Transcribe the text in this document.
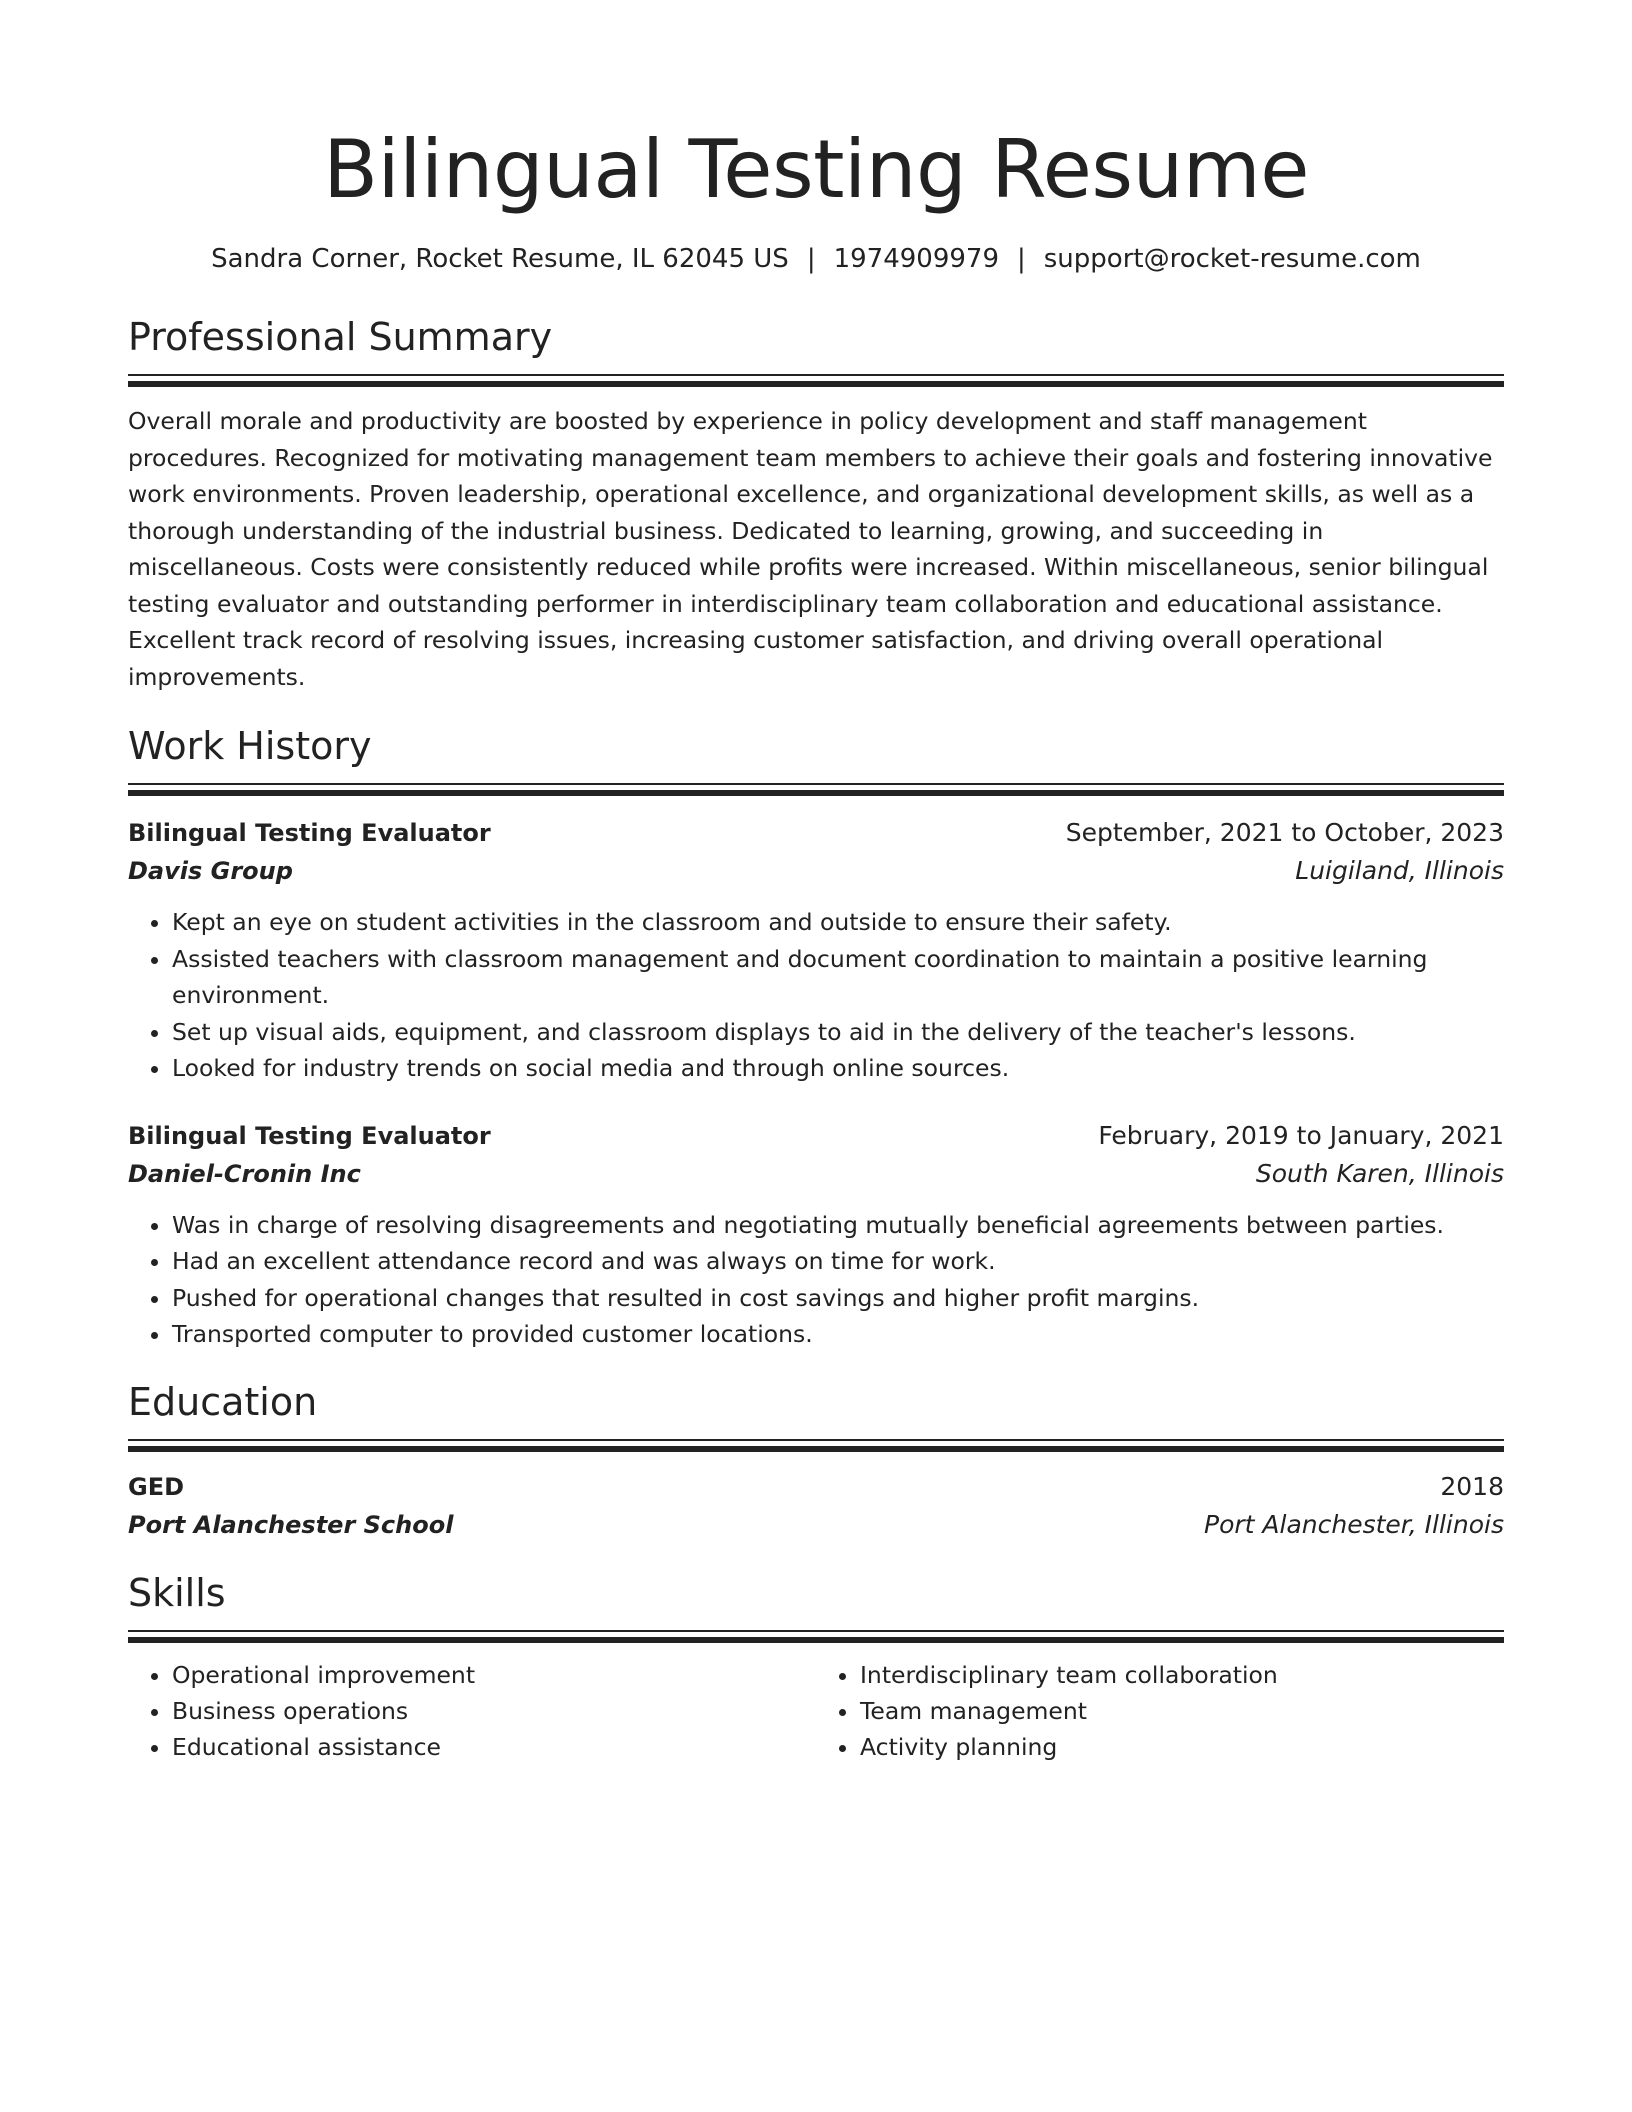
Bilingual Testing Resume
Sandra Corner, Rocket Resume, IL 62045 US | 1974909979 | support@rocket-resume.com
Professional Summary

Overall morale and productivity are boosted by experience in policy development and staff management procedures. Recognized for motivating management team members to achieve their goals and fostering innovative work environments. Proven leadership, operational excellence, and organizational development skills, as well as a thorough understanding of the industrial business. Dedicated to learning, growing, and succeeding in miscellaneous. Costs were consistently reduced while profits were increased. Within miscellaneous, senior bilingual testing evaluator and outstanding performer in interdisciplinary team collaboration and educational assistance. Excellent track record of resolving issues, increasing customer satisfaction, and driving overall operational improvements.

Work History
Bilingual Testing Evaluator	September, 2021 to October, 2023
Davis Group	Luigiland, Illinois
• Kept an eye on student activities in the classroom and outside to ensure their safety.
• Assisted teachers with classroom management and document coordination to maintain a positive learning environment.
• Set up visual aids, equipment, and classroom displays to aid in the delivery of the teacher's lessons.
• Looked for industry trends on social media and through online sources.
Bilingual Testing Evaluator	February, 2019 to January, 2021
Daniel-Cronin Inc	South Karen, Illinois
• Was in charge of resolving disagreements and negotiating mutually beneficial agreements between parties.
• Had an excellent attendance record and was always on time for work.
• Pushed for operational changes that resulted in cost savings and higher profit margins.
• Transported computer to provided customer locations.
Education
GED	2018
Port Alanchester School	Port Alanchester, Illinois
Skills
• Operational improvement
• Business operations
• Educational assistance
• Interdisciplinary team collaboration
• Team management
• Activity planning
